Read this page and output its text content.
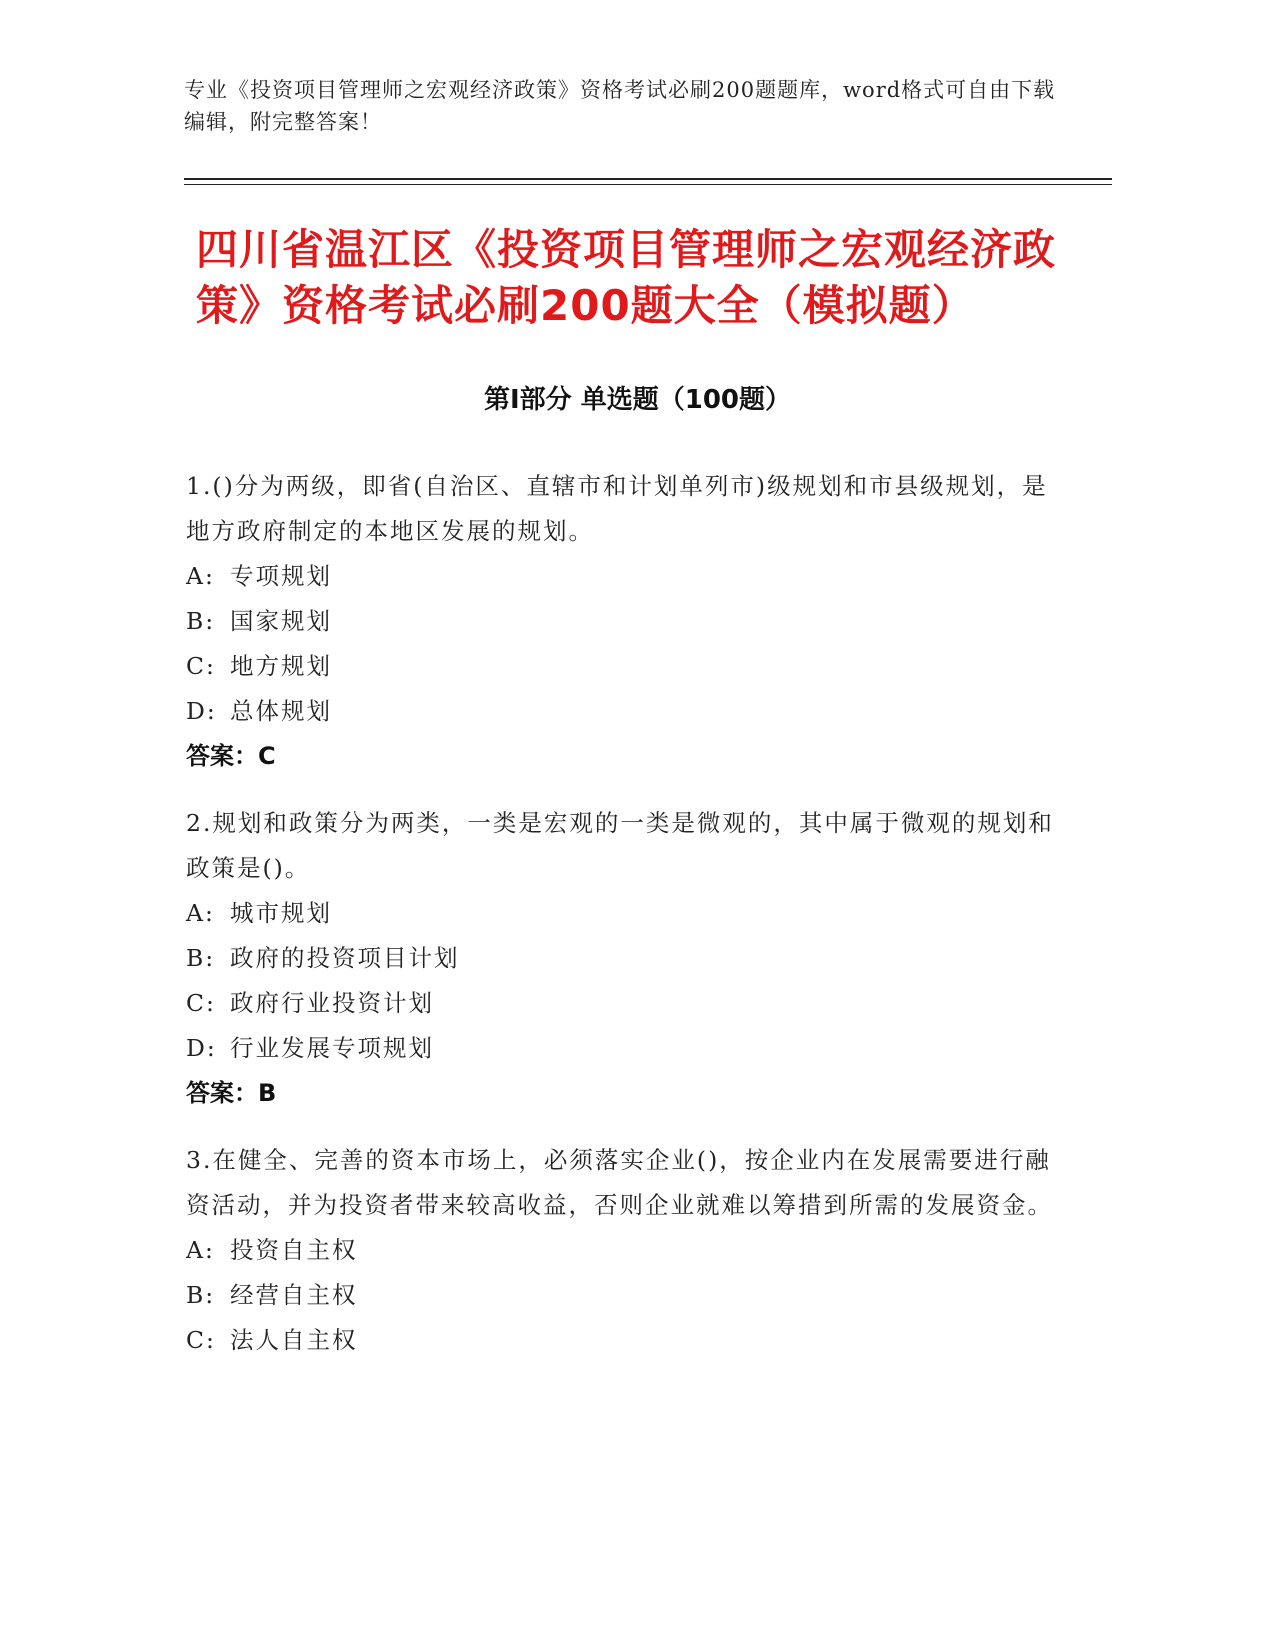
专业《投资项目管理师之宏观经济政策》资格考试必刷200题题库，word格式可自由下载编辑，附完整答案！
四川省温江区《投资项目管理师之宏观经济政策》资格考试必刷200题大全（模拟题）
第Ⅰ部分 单选题（100题）
1.()分为两级，即省(自治区、直辖市和计划单列市)级规划和市县级规划，是地方政府制定的本地区发展的规划。
A: 专项规划
B: 国家规划
C: 地方规划
D: 总体规划
答案：C
2.规划和政策分为两类，一类是宏观的一类是微观的，其中属于微观的规划和政策是()。
A: 城市规划
B: 政府的投资项目计划
C: 政府行业投资计划
D: 行业发展专项规划
答案：B
3.在健全、完善的资本市场上，必须落实企业()，按企业内在发展需要进行融资活动，并为投资者带来较高收益，否则企业就难以筹措到所需的发展资金。
A: 投资自主权
B: 经营自主权
C: 法人自主权
